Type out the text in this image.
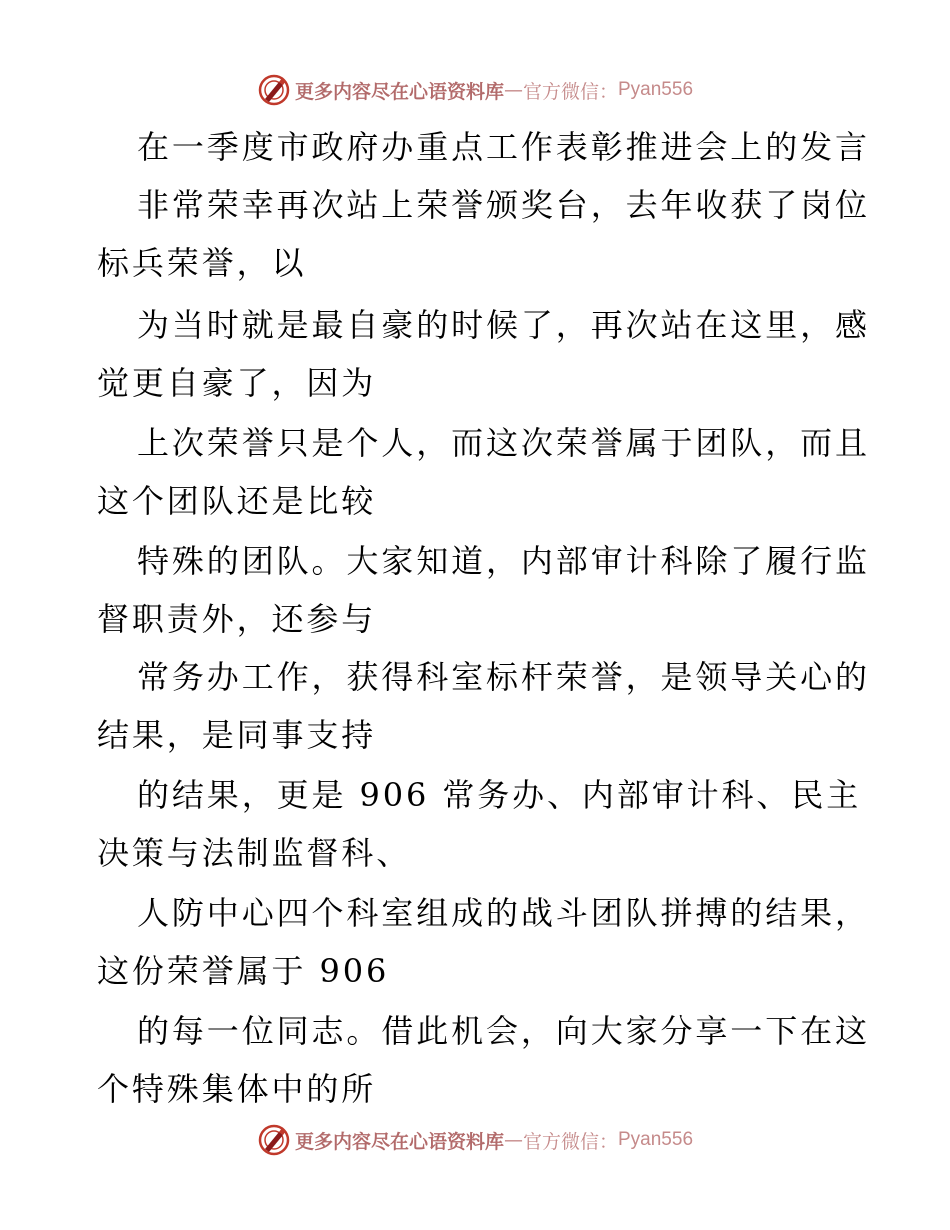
更多内容尽在心语资料库 — 官方微信： Pyan556
在一季度市政府办重点工作表彰推进会上的发言
非常荣幸再次站上荣誉颁奖台，去年收获了岗位
标兵荣誉，以
为当时就是最自豪的时候了，再次站在这里，感
觉更自豪了，因为
上次荣誉只是个人，而这次荣誉属于团队，而且
这个团队还是比较
特殊的团队。大家知道，内部审计科除了履行监
督职责外，还参与
常务办工作，获得科室标杆荣誉，是领导关心的
结果，是同事支持
的结果，更是 906 常务办、内部审计科、民主
决策与法制监督科、
人防中心四个科室组成的战斗团队拼搏的结果，
这份荣誉属于 906
的每一位同志。借此机会，向大家分享一下在这
个特殊集体中的所
更多内容尽在心语资料库 — 官方微信： Pyan556
